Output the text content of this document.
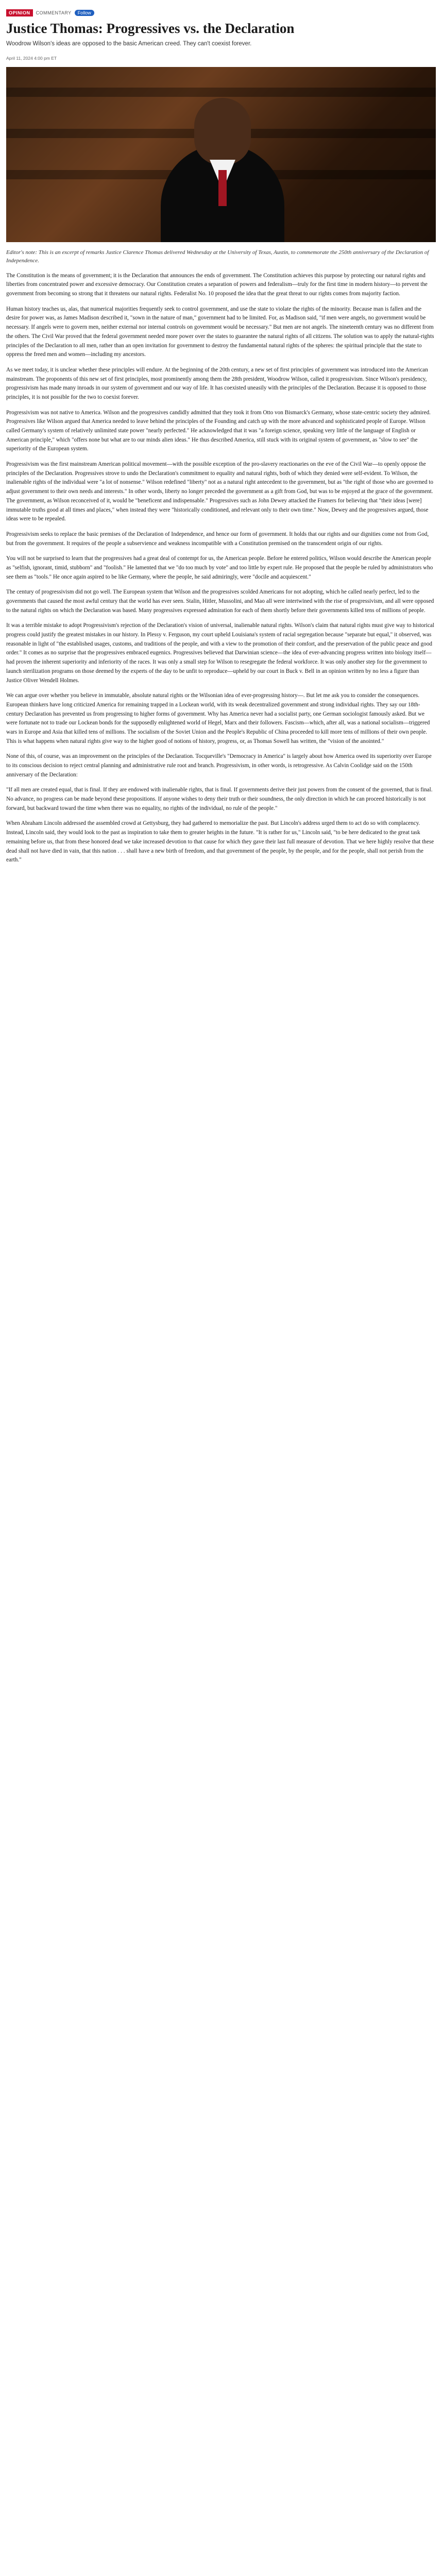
OPINION	COMMENTARY	Follow
Justice Thomas: Progressives vs. the Declaration
Woodrow Wilson's ideas are opposed to the basic American creed. They can't coexist forever.
April 11, 2024 4:00 pm ET

Editor's note: This is an excerpt of remarks Justice Clarence Thomas delivered Wednesday at the University of Texas, Austin, to commemorate the 250th anniversary of the Declaration of Independence.

The Constitution is the means of government; it is the Declaration that announces the ends of government. The Constitution achieves this purpose by protecting our natural rights and liberties from concentrated power and excessive democracy. Our Constitution creates a separation of powers and federalism—truly for the first time in modern history—to prevent the government from becoming so strong that it threatens our natural rights. Federalist No. 10 proposed the idea that the great threat to our rights comes from majority faction.

Human history teaches us, alas, that numerical majorities frequently seek to control government, and use the state to violate the rights of the minority. Because man is fallen and the desire for power was, as James Madison described it, "sown in the nature of man," government had to be limited. For, as Madison said, "if men were angels, no government would be necessary. If angels were to govern men, neither external nor internal controls on government would be necessary." But men are not angels. The nineteenth century was no different from the others. The Civil War proved that the federal government needed more power over the states to guarantee the natural rights of all citizens. The solution was to apply the natural-rights principles of the Declaration to all men, rather than an open invitation for government to destroy the fundamental natural rights of the spheres: the spiritual principle that the state to oppress the freed men and women—including my ancestors.

As we meet today, it is unclear whether these principles will endure. At the beginning of the 20th century, a new set of first principles of government was introduced into the American mainstream. The proponents of this new set of first principles, most prominently among them the 28th president, Woodrow Wilson, called it progressivism. Since Wilson's presidency, progressivism has made many inroads in our system of government and our way of life. It has coexisted uneasily with the principles of the Declaration. Because it is opposed to those principles, it is not possible for the two to coexist forever.

Progressivism was not native to America. Wilson and the progressives candidly admitted that they took it from Otto von Bismarck's Germany, whose state-centric society they admired. Progressives like Wilson argued that America needed to leave behind the principles of the Founding and catch up with the more advanced and sophisticated people of Europe. Wilson called Germany's system of relatively unlimited state power "nearly perfected." He acknowledged that it was "a foreign science, speaking very little of the language of English or American principle," which "offers none but what are to our minds alien ideas." He thus described America, still stuck with its original system of government, as "slow to see" the superiority of the European system.

Progressivism was the first mainstream American political movement—with the possible exception of the pro-slavery reactionaries on the eve of the Civil War—to openly oppose the principles of the Declaration. Progressives strove to undo the Declaration's commitment to equality and natural rights, both of which they denied were self-evident. To Wilson, the inalienable rights of the individual were "a lot of nonsense." Wilson redefined "liberty" not as a natural right antecedent to the government, but as "the right of those who are governed to adjust government to their own needs and interests." In other words, liberty no longer preceded the government as a gift from God, but was to be enjoyed at the grace of the government. The government, as Wilson reconceived of it, would be "beneficent and indispensable." Progressives such as John Dewey attacked the Framers for believing that "their ideas [were] immutable truths good at all times and places," when instead they were "historically conditioned, and relevant only to their own time." Now, Dewey and the progressives argued, those ideas were to be repealed.

Progressivism seeks to replace the basic premises of the Declaration of Independence, and hence our form of government. It holds that our rights and our dignities come not from God, but from the government. It requires of the people a subservience and weakness incompatible with a Constitution premised on the transcendent origin of our rights.

You will not be surprised to learn that the progressives had a great deal of contempt for us, the American people. Before he entered politics, Wilson would describe the American people as "selfish, ignorant, timid, stubborn" and "foolish." He lamented that we "do too much by vote" and too little by expert rule. He proposed that the people be ruled by administrators who see them as "tools." He once again aspired to be like Germany, where the people, he said admiringly, were "docile and acquiescent."

The century of progressivism did not go well. The European system that Wilson and the progressives scolded Americans for not adopting, which he called nearly perfect, led to the governments that caused the most awful century that the world has ever seen. Stalin, Hitler, Mussolini, and Mao all were intertwined with the rise of progressivism, and all were opposed to the natural rights on which the Declaration was based. Many progressives expressed admiration for each of them shortly before their governments killed tens of millions of people.

It was a terrible mistake to adopt Progressivism's rejection of the Declaration's vision of universal, inalienable natural rights. Wilson's claim that natural rights must give way to historical progress could justify the greatest mistakes in our history. In Plessy v. Ferguson, my court upheld Louisiana's system of racial segregation because "separate but equal," it observed, was reasonable in light of "the established usages, customs, and traditions of the people, and with a view to the promotion of their comfort, and the preservation of the public peace and good order." It comes as no surprise that the progressives embraced eugenics. Progressives believed that Darwinian science—the idea of ever-advancing progress written into biology itself—had proven the inherent superiority and inferiority of the races. It was only a small step for Wilson to resegregate the federal workforce. It was only another step for the government to launch sterilization programs on those deemed by the experts of the day to be unfit to reproduce—upheld by our court in Buck v. Bell in an opinion written by no less a figure than Justice Oliver Wendell Holmes.

We can argue over whether you believe in immutable, absolute natural rights or the Wilsonian idea of ever-progressing history—. But let me ask you to consider the consequences. European thinkers have long criticized America for remaining trapped in a Lockean world, with its weak decentralized government and strong individual rights. They say our 18th-century Declaration has prevented us from progressing to higher forms of government. Why has America never had a socialist party, one German sociologist famously asked. But we were fortunate not to trade our Lockean bonds for the supposedly enlightened world of Hegel, Marx and their followers. Fascism—which, after all, was a national socialism—triggered wars in Europe and Asia that killed tens of millions. The socialism of the Soviet Union and the People's Republic of China proceeded to kill more tens of millions of their own people. This is what happens when natural rights give way to the higher good of notions of history, progress, or, as Thomas Sowell has written, the "vision of the anointed."

None of this, of course, was an improvement on the principles of the Declaration. Tocqueville's "Democracy in America" is largely about how America owed its superiority over Europe to its conscious decision to reject central planning and administrative rule root and branch. Progressivism, in other words, is retrogressive. As Calvin Coolidge said on the 150th anniversary of the Declaration:

"If all men are created equal, that is final. If they are endowed with inalienable rights, that is final. If governments derive their just powers from the consent of the governed, that is final. No advance, no progress can be made beyond these propositions. If anyone wishes to deny their truth or their soundness, the only direction in which he can proceed historically is not forward, but backward toward the time when there was no equality, no rights of the individual, no rule of the people."

When Abraham Lincoln addressed the assembled crowd at Gettysburg, they had gathered to memorialize the past. But Lincoln's address urged them to act do so with complacency. Instead, Lincoln said, they would look to the past as inspiration to take them to greater heights in the future. "It is rather for us," Lincoln said, "to be here dedicated to the great task remaining before us, that from these honored dead we take increased devotion to that cause for which they gave their last full measure of devotion. That we here highly resolve that these dead shall not have died in vain, that this nation . . . shall have a new birth of freedom, and that government of the people, by the people, and for the people, shall not perish from the earth."
